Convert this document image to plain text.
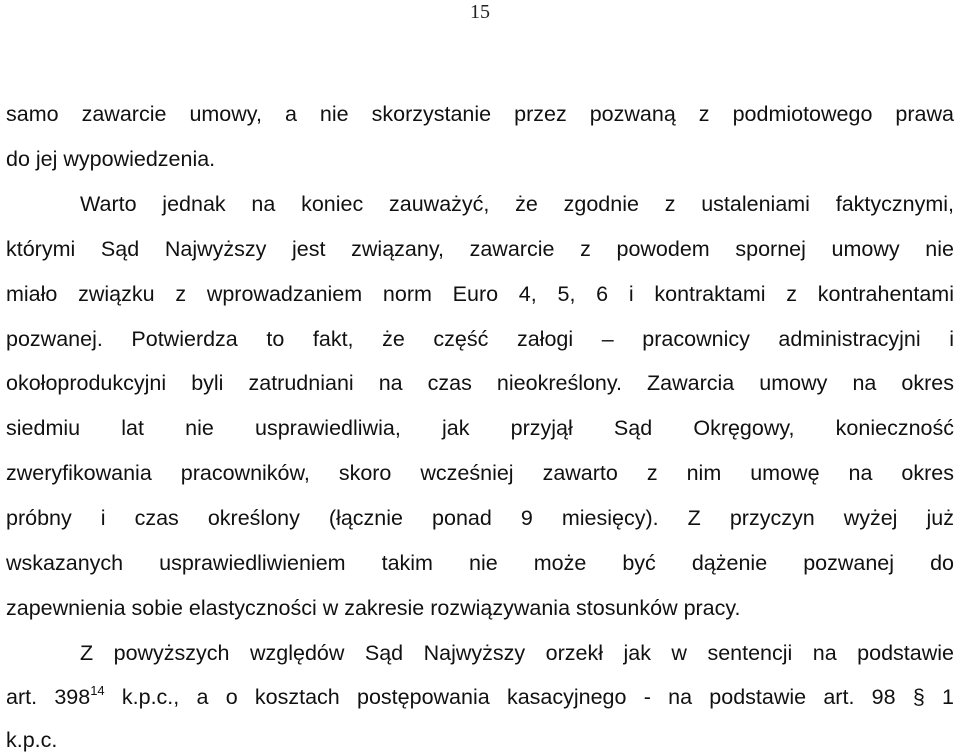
15
samo zawarcie umowy, a nie skorzystanie przez pozwaną z podmiotowego prawa
do jej wypowiedzenia.
Warto jednak na koniec zauważyć, że zgodnie z ustaleniami faktycznymi,
którymi Sąd Najwyższy jest związany, zawarcie z powodem spornej umowy nie
miało związku z wprowadzaniem norm Euro 4, 5, 6 i kontraktami z kontrahentami
pozwanej. Potwierdza to fakt, że część załogi – pracownicy administracyjni i
okołoprodukcyjni byli zatrudniani na czas nieokreślony. Zawarcia umowy na okres
siedmiu lat nie usprawiedliwia, jak przyjął Sąd Okręgowy, konieczność
zweryfikowania pracowników, skoro wcześniej zawarto z nim umowę na okres
próbny i czas określony (łącznie ponad 9 miesięcy). Z przyczyn wyżej już
wskazanych usprawiedliwieniem takim nie może być dążenie pozwanej do
zapewnienia sobie elastyczności w zakresie rozwiązywania stosunków pracy.
Z powyższych względów Sąd Najwyższy orzekł jak w sentencji na podstawie
art. $398^{14}$ k.p.c., a o kosztach postępowania kasacyjnego - na podstawie art. 98 § 1
k.p.c.
